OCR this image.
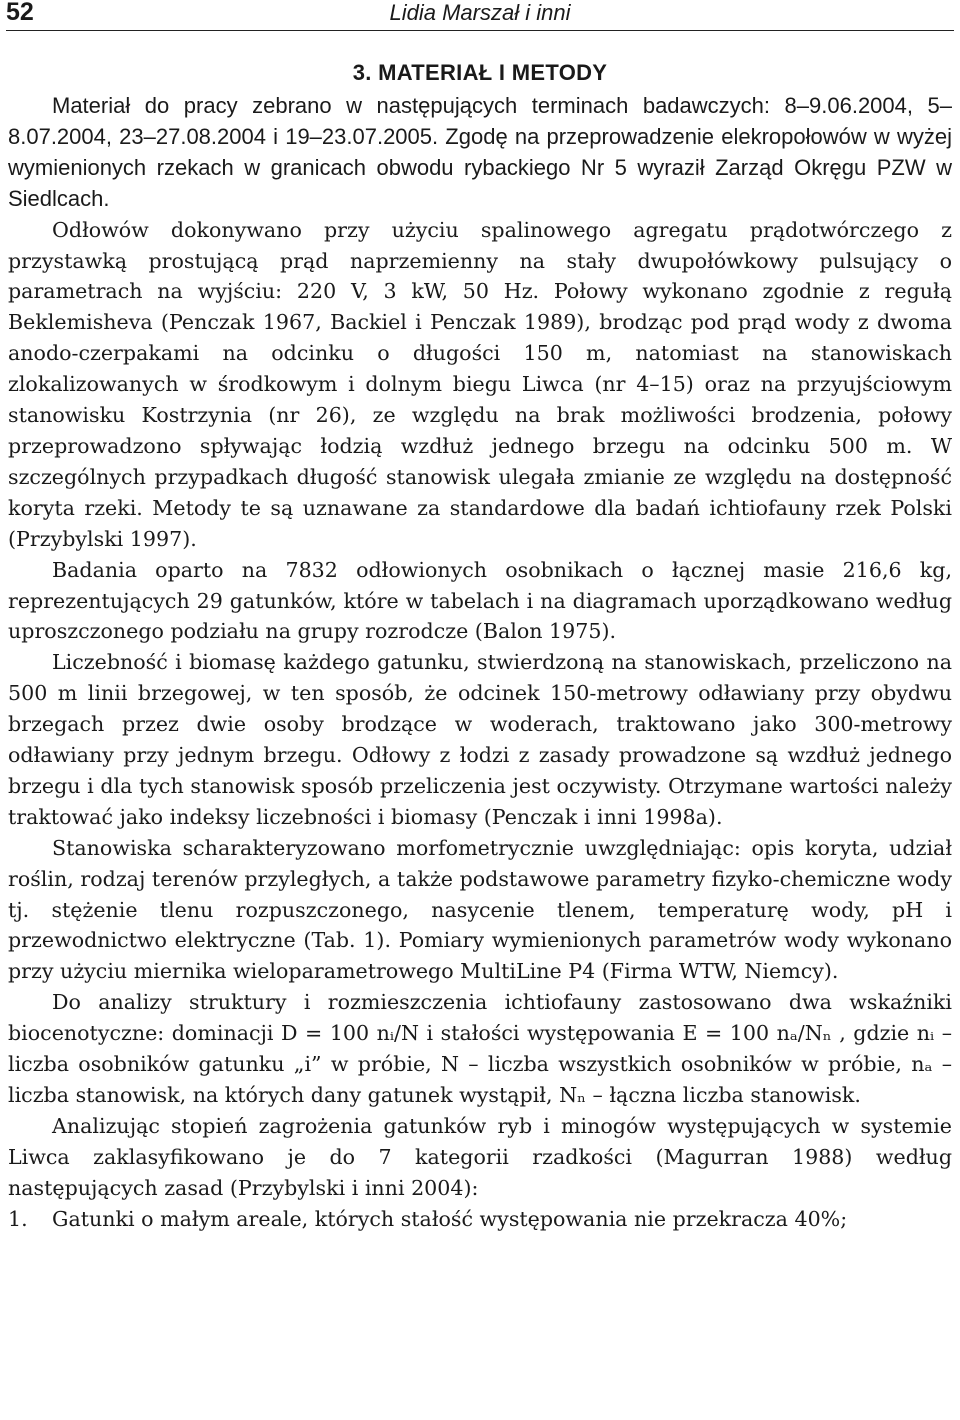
52	Lidia Marszał i inni
3. MATERIAŁ I METODY

Materiał do pracy zebrano w następujących terminach badawczych: 8–9.06.2004, 5–8.07.2004, 23–27.08.2004 i 19–23.07.2005. Zgodę na przeprowadzenie elekropołowów w wyżej wymienionych rzekach w granicach obwodu rybackiego Nr 5 wyraził Zarząd Okręgu PZW w Siedlcach.

Odłowów dokonywano przy użyciu spalinowego agregatu prądotwórczego z przystawką prostującą prąd naprzemienny na stały dwupołówkowy pulsujący o parametrach na wyjściu: 220 V, 3 kW, 50 Hz. Połowy wykonano zgodnie z regułą Beklemisheva (Penczak 1967, Backiel i Penczak 1989), brodząc pod prąd wody z dwoma anodo-czerpakami na odcinku o długości 150 m, natomiast na stanowiskach zlokalizowanych w środkowym i dolnym biegu Liwca (nr 4–15) oraz na przyujściowym stanowisku Kostrzynia (nr 26), ze względu na brak możliwości brodzenia, połowy przeprowadzono spływając łodzią wzdłuż jednego brzegu na odcinku 500 m. W szczególnych przypadkach długość stanowisk ulegała zmianie ze względu na dostępność koryta rzeki. Metody te są uznawane za standardowe dla badań ichtiofauny rzek Polski (Przybylski 1997).

Badania oparto na 7832 odłowionych osobnikach o łącznej masie 216,6 kg, reprezentujących 29 gatunków, które w tabelach i na diagramach uporządkowano według uproszczonego podziału na grupy rozrodcze (Balon 1975).

Liczebność i biomasę każdego gatunku, stwierdzoną na stanowiskach, przeliczono na 500 m linii brzegowej, w ten sposób, że odcinek 150-metrowy odławiany przy obydwu brzegach przez dwie osoby brodzące w woderach, traktowano jako 300-metrowy odławiany przy jednym brzegu. Odłowy z łodzi z zasady prowadzone są wzdłuż jednego brzegu i dla tych stanowisk sposób przeliczenia jest oczywisty. Otrzymane wartości należy traktować jako indeksy liczebności i biomasy (Penczak i inni 1998a).

Stanowiska scharakteryzowano morfometrycznie uwzględniając: opis koryta, udział roślin, rodzaj terenów przyległych, a także podstawowe parametry fizyko-chemiczne wody tj. stężenie tlenu rozpuszczonego, nasycenie tlenem, temperaturę wody, pH i przewodnictwo elektryczne (Tab. 1). Pomiary wymienionych parametrów wody wykonano przy użyciu miernika wieloparametrowego MultiLine P4 (Firma WTW, Niemcy).

Do analizy struktury i rozmieszczenia ichtiofauny zastosowano dwa wskaźniki biocenotyczne: dominacji D = 100 nᵢ/N i stałości występowania E = 100 nₐ/Nₙ , gdzie nᵢ – liczba osobników gatunku „i” w próbie, N – liczba wszystkich osobników w próbie, nₐ – liczba stanowisk, na których dany gatunek wystąpił, Nₙ – łączna liczba stanowisk.

Analizując stopień zagrożenia gatunków ryb i minogów występujących w systemie Liwca zaklasyfikowano je do 7 kategorii rzadkości (Magurran 1988) według następujących zasad (Przybylski i inni 2004):

1.	Gatunki o małym areale, których stałość występowania nie przekracza 40%;
